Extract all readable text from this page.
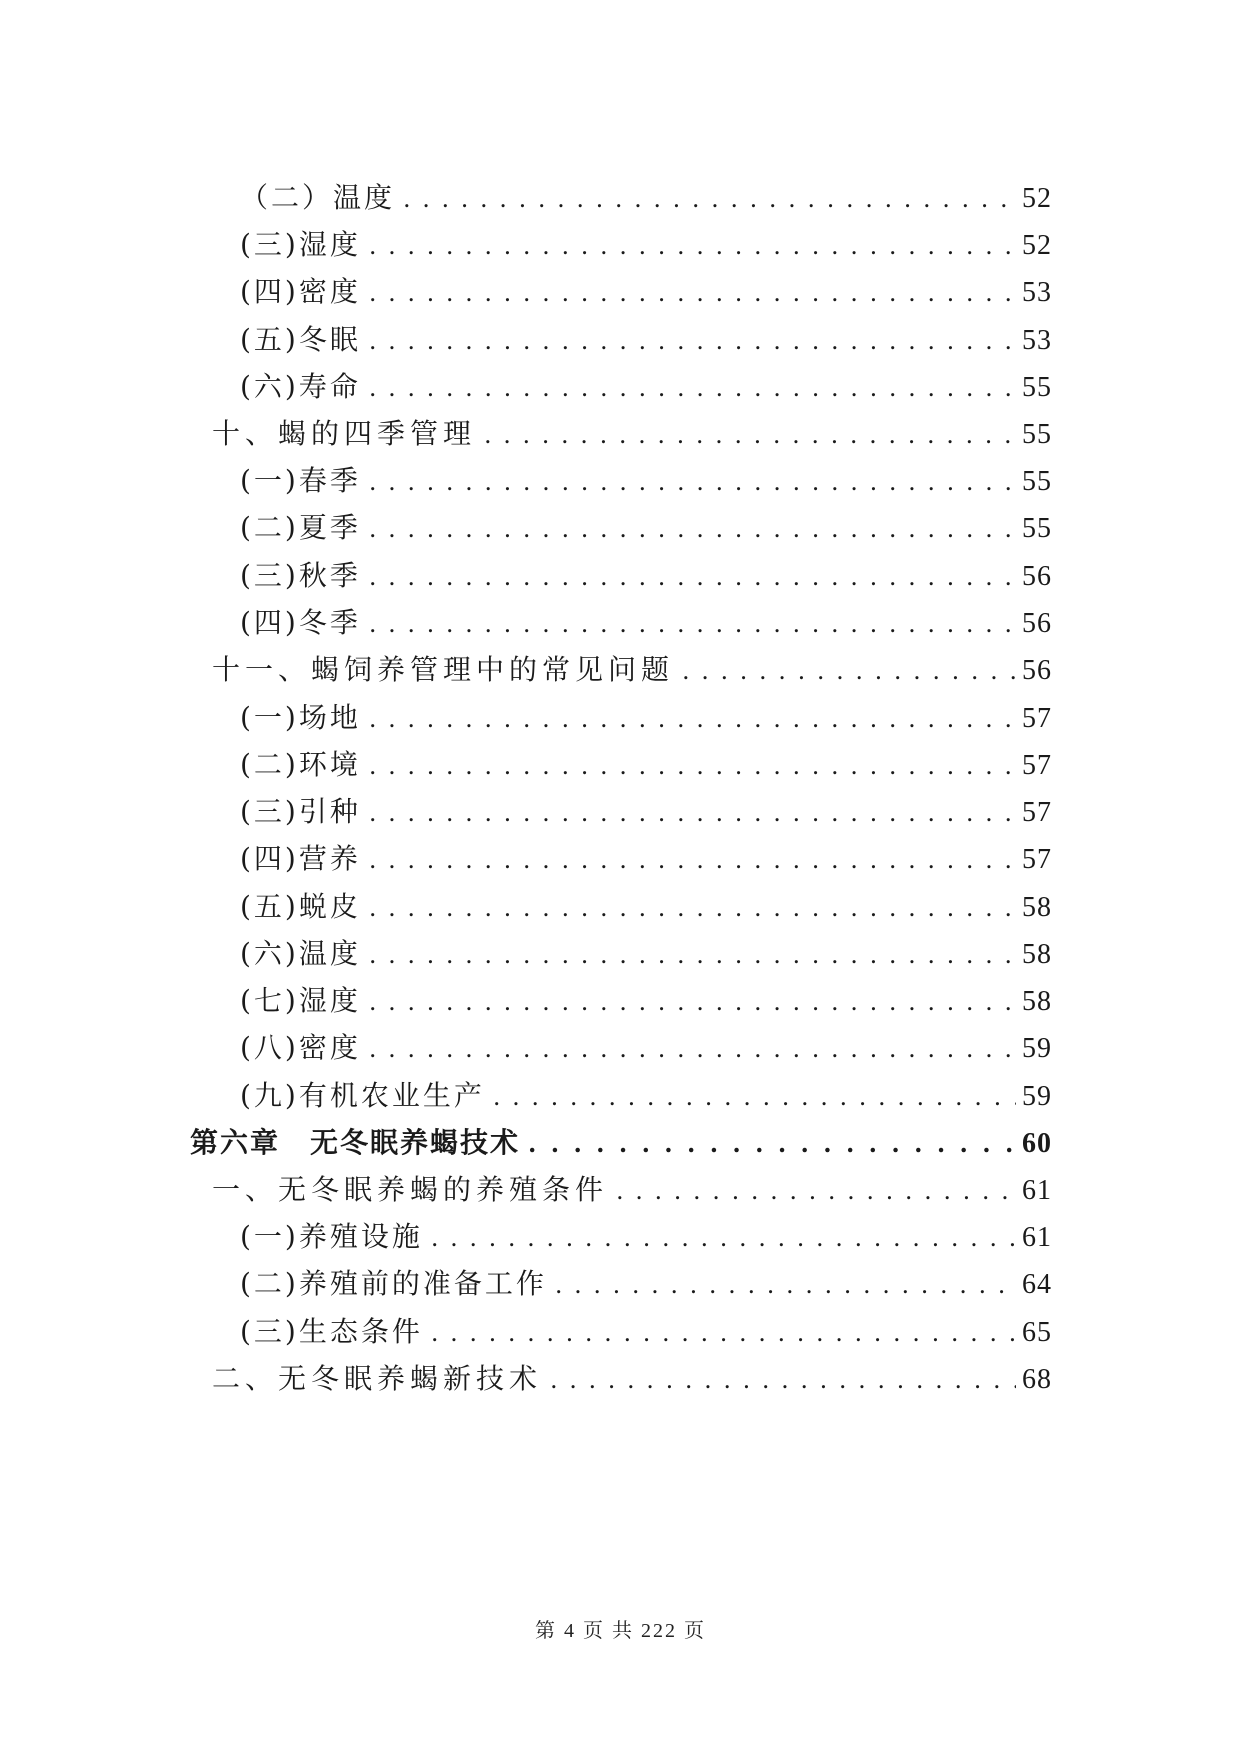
（二）温度 . . .	52
(三)湿度 . . .	52
(四)密度 . . .	53
(五)冬眠 . . .	53
(六)寿命 . . .	55
十、蝎的四季管理 . . .	55
(一)春季 . . .	55
(二)夏季 . . .	55
(三)秋季 . . .	56
(四)冬季 . . .	56
十一、蝎饲养管理中的常见问题 . . .	56
(一)场地 . . .	57
(二)环境 . . .	57
(三)引种 . . .	57
(四)营养 . . .	57
(五)蜕皮 . . .	58
(六)温度 . . .	58
(七)湿度 . . .	58
(八)密度 . . .	59
(九)有机农业生产 . . .	59
第六章　无冬眠养蝎技术 . . .	60
一、无冬眠养蝎的养殖条件 . . .	61
(一)养殖设施 . . .	61
(二)养殖前的准备工作 . . .	64
(三)生态条件 . . .	65
二、无冬眠养蝎新技术 . . .	68
第 4 页 共 222 页
